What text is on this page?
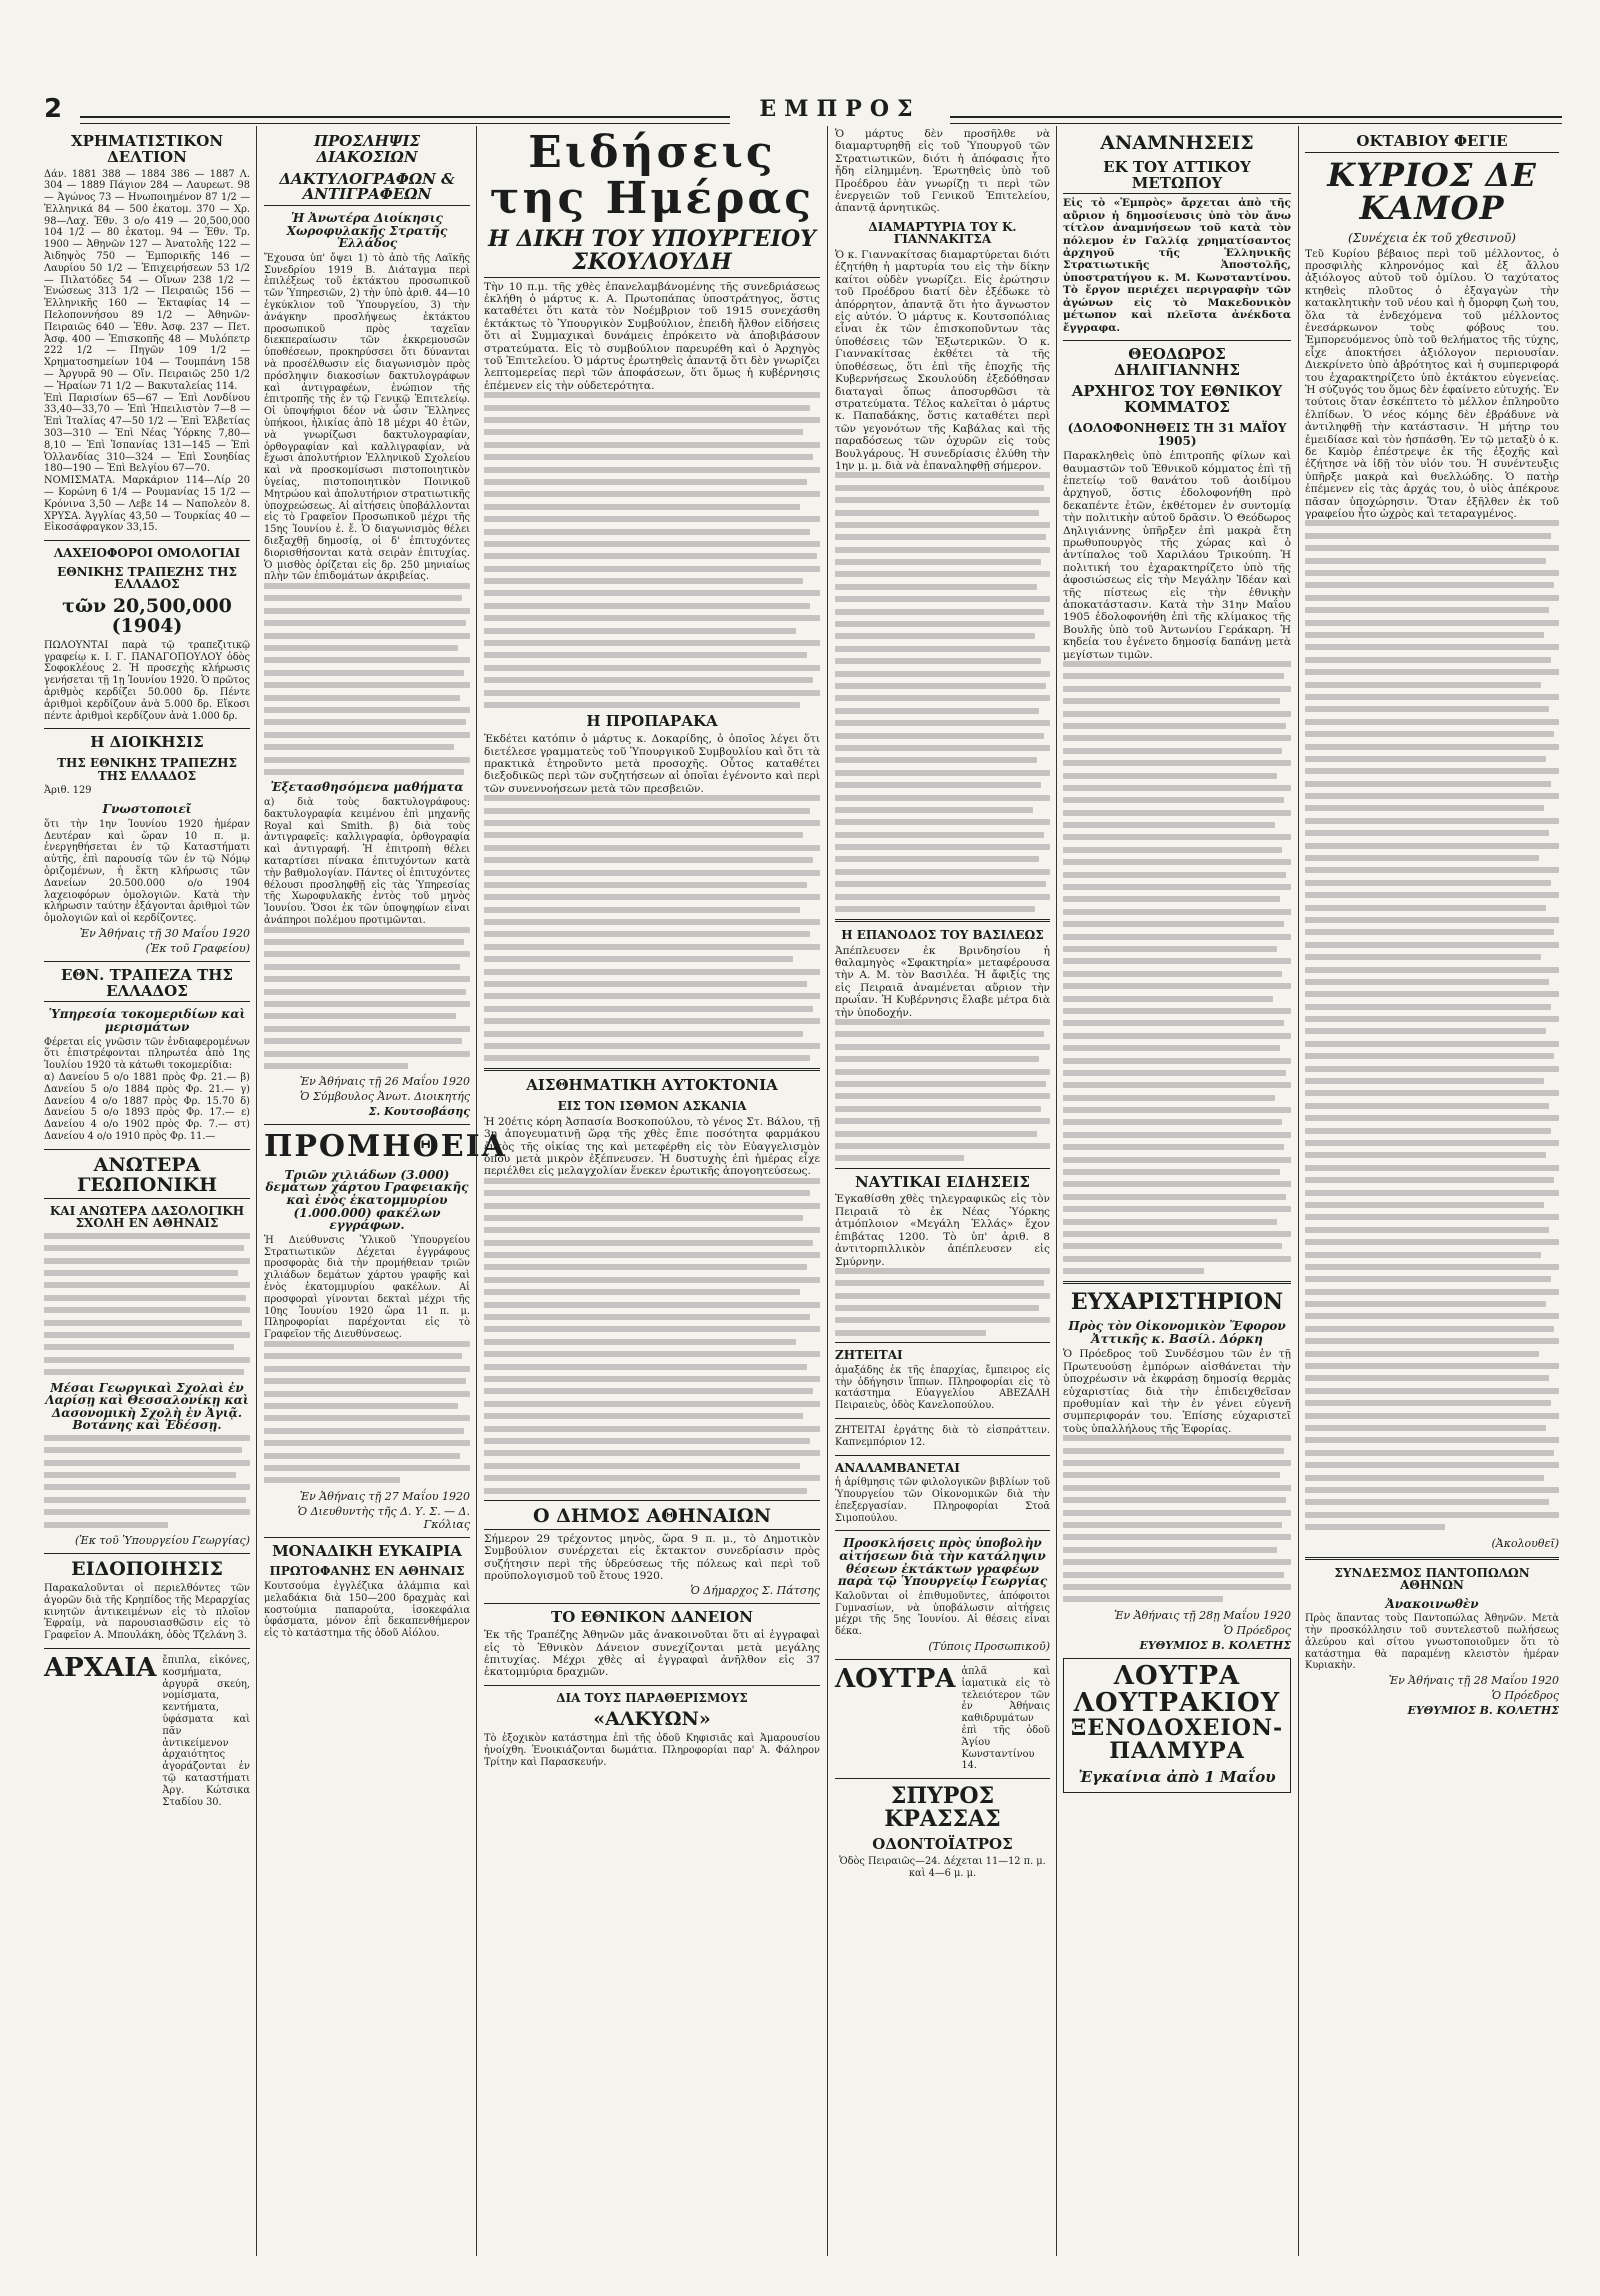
2	ΕΜΠΡΟΣ
ΧΡΗΜΑΤΙΣΤΙΚΟΝ ΔΕΛΤΙΟΝ

Δάν. 1881 388 — 1884 386 — 1887 Λ. 304 — 1889 Πάγιον 284 — Λαυρεωτ. 98— Ἀγώνος 73 — Ηνωποιημένον 87 1/2 — Ἑλληνικά 84 — 500 ἑκατομ. 370 — Χρ. 98—Λαχ. Ἐθν. 3 ο/ο 419 — 20,500,000 104 1/2 — 80 ἑκατομ. 94 — Ἐθν. Τρ. 1900 — Ἀθηνῶν 127 — Ἀνατολῆς 122 — Ἀιδηψὸς 750 — Ἐμπορικῆς 146 — Λαυρίου 50 1/2 — Ἐπιχειρήσεων 53 1/2 — Πιλατόδες 54 — Οἴνων 238 1/2 — Ἐνώσεως 313 1/2 — Πειραιῶς 156 — Ἑλληνικῆς 160 — Ἐκταφίας 14 — Πελοποννήσου 89 1/2 — Ἀθηνῶν-Πειραιῶς 640 — Ἐθν. Ἀσφ. 237 — Πετ. Ἀσφ. 400 — Ἐπισκοπῆς 48 — Μυλόπετρ 222 1/2 — Πηγῶν 109 1/2 — Χρηματοσημείων 104 — Τουμπάνη 158 — Ἀργυρᾶ 90 — Οἴν. Πειραιῶς 250 1/2 — Ἠραίων 71 1/2 — Βακυταλείας 114.

Ἐπὶ Παρισίων 65—67 — Ἐπὶ Λονδίνου 33,40—33,70 — Ἐπὶ Ἠπειλιστὸν 7—8 — Ἐπὶ Ἰταλίας 47—50 1/2 — Ἐπὶ Ἑλβετίας 303—310 — Ἐπὶ Νέας Ὑόρκης 7,80—8,10 — Ἐπὶ Ἰσπανίας 131—145 — Ἐπὶ Ὁλλανδίας 310—324 — Ἐπὶ Σουηδίας 180—190 — Ἐπὶ Βελγίου 67—70.

ΝΟΜΙΣΜΑΤΑ. Μαρκάριον 114—Λίρ 20 — Κορώνη 6 1/4 — Ρουμανίας 15 1/2 — Κρόνινα 3,50 — Λεβε 14 — Ναπολεὸν 8. ΧΡΥΣΑ. Ἀγγλίας 43,50 — Τουρκίας 40 — Εἰκοσάφραγκον 33,15.

ΛΑΧΕΙΟΦΟΡΟΙ ΟΜΟΛΟΓΙΑΙ
ΕΘΝΙΚΗΣ ΤΡΑΠΕΖΗΣ ΤΗΣ ΕΛΛΑΔΟΣ
τῶν 20,500,000 (1904)

ΠΩΛΟΥΝΤΑΙ παρὰ τῷ τραπεζιτικῷ γραφείῳ κ. Ι. Γ. ΠΑΝΑΓΟΠΟΥΛΟΥ ὁδὸς Σοφοκλέους 2. Ἡ προσεχὴς κλήρωσις γενήσεται τῇ 1ῃ Ἰουνίου 1920. Ὁ πρῶτος ἀριθμὸς κερδίζει 50.000 δρ. Πέντε ἀριθμοὶ κερδίζουν ἀνὰ 5.000 δρ. Εἴκοσι πέντε ἀριθμοὶ κερδίζουν ἀνὰ 1.000 δρ.

Η ΔΙΟΙΚΗΣΙΣ
ΤΗΣ ΕΘΝΙΚΗΣ ΤΡΑΠΕΖΗΣ ΤΗΣ ΕΛΛΑΔΟΣ
Ἀριθ. 129
Γνωστοποιεῖ

ὅτι τὴν 1ην Ἰουνίου 1920 ἡμέραν Δευτέραν καὶ ὥραν 10 π. μ. ἐνεργηθήσεται ἐν τῷ Καταστήματι αὐτῆς, ἐπὶ παρουσίᾳ τῶν ἐν τῷ Νόμῳ ὁριζομένων, ἡ ἕκτη κλήρωσις τῶν Δανείων 20.500.000 ο/ο 1904 λαχειοφόρων ὁμολογιῶν. Κατὰ τὴν κλήρωσιν ταύτην ἐξάγονται ἀριθμοὶ τῶν ὁμολογιῶν καὶ οἱ κερδίζοντες.

Ἐν Ἀθήναις τῇ 30 Μαΐου 1920
(Ἐκ τοῦ Γραφείου)
ΕΘΝ. ΤΡΑΠΕΖΑ ΤΗΣ ΕΛΛΑΔΟΣ
Ὑπηρεσία τοκομεριδίων καὶ μερισμάτων

Φέρεται εἰς γνῶσιν τῶν ἐνδιαφερομένων ὅτι ἐπιστρέφονται πληρωτέα ἀπὸ 1ης Ἰουλίου 1920 τὰ κάτωθι τοκομερίδια:

α) Δανείου 5 ο/ο 1881 πρὸς Φρ. 21.— β) Δανείου 5 ο/ο 1884 πρὸς Φρ. 21.— γ) Δανείου 4 ο/ο 1887 πρὸς Φρ. 15.70 δ) Δανείου 5 ο/ο 1893 πρὸς Φρ. 17.— ε) Δανείου 4 ο/ο 1902 πρὸς Φρ. 7.— στ) Δανείου 4 ο/ο 1910 πρὸς Φρ. 11.—

ΑΝΩΤΕΡΑ ΓΕΩΠΟΝΙΚΗ
ΚΑΙ ΑΝΩΤΕΡΑ ΔΑΣΟΛΟΓΙΚΗ ΣΧΟΛΗ ΕΝ ΑΘΗΝΑΙΣ
Μέσαι Γεωργικαὶ Σχολαὶ ἐν Λαρίσῃ καὶ Θεσσαλονίκῃ καὶ Δασονομικὴ Σχολὴ ἐν Ἀγιᾷ. Βοτάνης καὶ Ἐδέσσῃ.
(Ἐκ τοῦ Ὑπουργείου Γεωργίας)
ΕΙΔΟΠΟΙΗΣΙΣ

Παρακαλοῦνται οἱ περιελθόντες τῶν ἀγορῶν διὰ τῆς Κρηπίδος τῆς Μεραρχίας κινητῶν ἀντικειμένων εἰς τὸ πλοῖον Ἐφραίμ, νὰ παρουσιασθῶσιν εἰς τὸ Γραφεῖον Α. Μπουλάκη, ὁδὸς Τζελάνη 3.

ΑΡΧΑΙΑ ἔπιπλα, εἰκόνες, κοσμήματα, ἀργυρᾶ σκεύη, νομίσματα, κεντήματα, ὑφάσματα καὶ πᾶν ἀντικείμενον ἀρχαιότητος ἀγοράζονται ἐν τῷ καταστήματι Ἀργ. Κώτσικα Σταδίου 30.

ΠΡΟΣΛΗΨΙΣ ΔΙΑΚΟΣΙΩΝ
ΔΑΚΤΥΛΟΓΡΑΦΩΝ & ΑΝΤΙΓΡΑΦΕΩΝ
Ἡ Ἀνωτέρα Διοίκησις Χωροφυλακῆς Στρατῆς Ἑλλάδος

Ἔχουσα ὑπ' ὄψει 1) τὸ ἀπὸ τῆς Λαϊκῆς Συνεδρίου 1919 Β. Διάταγμα περὶ ἐπιλέξεως τοῦ ἐκτάκτου προσωπικοῦ τῶν Ὑπηρεσιῶν, 2) τὴν ὑπὸ ἀριθ. 44—10 ἐγκύκλιον τοῦ Ὑπουργείου, 3) τὴν ἀνάγκην προσλήψεως ἐκτάκτου προσωπικοῦ πρὸς ταχεῖαν διεκπεραίωσιν τῶν ἐκκρεμουσῶν ὑποθέσεων, προκηρύσσει ὅτι δύνανται νὰ προσέλθωσιν εἰς διαγωνισμὸν πρὸς πρόσληψιν διακοσίων δακτυλογράφων καὶ ἀντιγραφέων, ἐνώπιον τῆς ἐπιτροπῆς τῆς ἐν τῷ Γενικῷ Ἐπιτελείῳ. Οἱ ὑποψήφιοι δέον νὰ ὦσιν Ἕλληνες ὑπήκοοι, ἡλικίας ἀπὸ 18 μέχρι 40 ἐτῶν, νὰ γνωρίζωσι δακτυλογραφίαν, ὀρθογραφίαν καὶ καλλιγραφίαν, νὰ ἔχωσι ἀπολυτήριον Ἑλληνικοῦ Σχολείου καὶ νὰ προσκομίσωσι πιστοποιητικὸν ὑγείας, πιστοποιητικὸν Ποινικοῦ Μητρώου καὶ ἀπολυτήριον στρατιωτικῆς ὑποχρεώσεως. Αἱ αἰτήσεις ὑποβάλλονται εἰς τὸ Γραφεῖον Προσωπικοῦ μέχρι τῆς 15ης Ἰουνίου ἐ. ἔ. Ὁ διαγωνισμὸς θέλει διεξαχθῇ δημοσίᾳ, οἱ δ' ἐπιτυχόντες διορισθήσονται κατὰ σειρὰν ἐπιτυχίας. Ὁ μισθὸς ὁρίζεται εἰς δρ. 250 μηνιαίως πλὴν τῶν ἐπιδομάτων ἀκριβείας.

Ἐξετασθησόμενα μαθήματα

α) διὰ τοὺς δακτυλογράφους: δακτυλογραφία κειμένου ἐπὶ μηχανῆς Royal καὶ Smith. β) διὰ τοὺς ἀντιγραφεῖς: καλλιγραφία, ὀρθογραφία καὶ ἀντιγραφή. Ἡ ἐπιτροπὴ θέλει καταρτίσει πίνακα ἐπιτυχόντων κατὰ τὴν βαθμολογίαν. Πάντες οἱ ἐπιτυχόντες θέλουσι προσληφθῇ εἰς τὰς Ὑπηρεσίας τῆς Χωροφυλακῆς ἐντὸς τοῦ μηνὸς Ἰουνίου. Ὅσοι ἐκ τῶν ὑποψηφίων εἶναι ἀνάπηροι πολέμου προτιμῶνται.

Ἐν Ἀθήναις τῇ 26 Μαΐου 1920
Ὁ Σύμβουλος Ἀνωτ. Διοικητής
Σ. Κουτσοβάσης
ΠΡΟΜΗΘΕΙΑ
Τριῶν χιλιάδων (3.000) δεμάτων χάρτου Γραφειακῆς καὶ ἑνὸς ἑκατομμυρίου (1.000.000) φακέλων εγγράφων.

Ἡ Διεύθυνσις Ὑλικοῦ Ὑπουργείου Στρατιωτικῶν Δέχεται ἐγγράφους προσφορὰς διὰ τὴν προμήθειαν τριῶν χιλιάδων δεμάτων χάρτου γραφῆς καὶ ἑνὸς ἑκατομμυρίου φακέλων. Αἱ προσφοραὶ γίνονται δεκταὶ μέχρι τῆς 10ης Ἰουνίου 1920 ὥρα 11 π. μ. Πληροφορίαι παρέχονται εἰς τὸ Γραφεῖον τῆς Διευθύνσεως.

Ἐν Ἀθήναις τῇ 27 Μαΐου 1920
Ὁ Διευθυντὴς τῆς Δ. Υ. Σ. — Δ. Γκόλιας
ΜΟΝΑΔΙΚΗ ΕΥΚΑΙΡΙΑ
ΠΡΩΤΟΦΑΝΗΣ ΕΝ ΑΘΗΝΑΙΣ

Κουτσούμα ἐγγλέζικα ἀλάμπια καὶ μελαδάκια διὰ 150—200 δραχμὰς καὶ κοστούμια παπαρούτα, ἰσοκεφάλια ὑφάσματα, μόνον ἐπὶ δεκαπενθήμερον εἰς τὸ κατάστημα τῆς ὁδοῦ Αἰόλου.

Ειδήσεις της Ημέρας
Η ΔΙΚΗ ΤΟΥ ΥΠΟΥΡΓΕΙΟΥ ΣΚΟΥΛΟΥΔΗ

Τὴν 10 π.μ. τῆς χθὲς ἐπανελαμβάνομένης τῆς συνεδριάσεως ἐκλήθη ὁ μάρτυς κ. Α. Πρωτοπάπας ὑποστράτηγος, ὅστις καταθέτει ὅτι κατὰ τὸν Νοέμβριον τοῦ 1915 συνεχάσθη ἐκτάκτως τὸ Ὑπουργικὸν Συμβούλιον, ἐπειδὴ ἤλθον εἰδήσεις ὅτι αἱ Συμμαχικαὶ δυνάμεις ἐπρόκειτο νὰ ἀποβιβάσουν στρατεύματα. Εἰς τὸ συμβούλιον παρευρέθη καὶ ὁ Ἀρχηγὸς τοῦ Ἐπιτελείου. Ὁ μάρτυς ἐρωτηθεὶς ἀπαντᾷ ὅτι δὲν γνωρίζει λεπτομερείας περὶ τῶν ἀποφάσεων, ὅτι ὅμως ἡ κυβέρνησις ἐπέμενεν εἰς τὴν οὐδετερότητα.

Η ΠΡΟΠΑΡΑΚΑ

Ἐκδέτει κατόπιν ὁ μάρτυς κ. Δοκαρίδης, ὁ ὁποῖος λέγει ὅτι διετέλεσε γραμματεὺς τοῦ Ὑπουργικοῦ Συμβουλίου καὶ ὅτι τὰ πρακτικὰ ἐτηροῦντο μετὰ προσοχῆς. Οὗτος καταθέτει διεξοδικῶς περὶ τῶν συζητήσεων αἱ ὁποῖαι ἐγένοντο καὶ περὶ τῶν συνεννοήσεων μετὰ τῶν πρεσβειῶν.

ΑΙΣΘΗΜΑΤΙΚΗ ΑΥΤΟΚΤΟΝΙΑ
ΕΙΣ ΤΟΝ ΙΣΘΜΟΝ ΑΣΚΑΝΙΑ

Ἡ 20έτις κόρη Ἀσπασία Βοσκοπούλου, τὸ γένος Στ. Βάλου, τῇ 3ῃ ἀπογευματινῇ ὥρᾳ τῆς χθὲς ἔπιε ποσότητα φαρμάκου ἐντὸς τῆς οἰκίας της καὶ μετεφέρθη εἰς τὸν Εὐαγγελισμὸν ὅπου μετὰ μικρὸν ἐξέπνευσεν. Ἡ δυστυχὴς ἐπὶ ἡμέρας εἶχε περιέλθει εἰς μελαγχολίαν ἕνεκεν ἐρωτικῆς ἀπογοητεύσεως.

Ο ΔΗΜΟΣ ΑΘΗΝΑΙΩΝ

Σήμερον 29 τρέχοντος μηνὸς, ὥρα 9 π. μ., τὸ Δημοτικὸν Συμβούλιον συνέρχεται εἰς ἔκτακτον συνεδρίασιν πρὸς συζήτησιν περὶ τῆς ὑδρεύσεως τῆς πόλεως καὶ περὶ τοῦ προϋπολογισμοῦ τοῦ ἔτους 1920.

Ὁ Δήμαρχος Σ. Πάτσης
ΤΟ ΕΘΝΙΚΟΝ ΔΑΝΕΙΟΝ

Ἐκ τῆς Τραπέζης Ἀθηνῶν μᾶς ἀνακοινοῦται ὅτι αἱ ἐγγραφαὶ εἰς τὸ Ἐθνικὸν Δάνειον συνεχίζονται μετὰ μεγάλης ἐπιτυχίας. Μέχρι χθὲς αἱ ἐγγραφαὶ ἀνῆλθον εἰς 37 ἑκατομμύρια δραχμῶν.

ΔΙΑ ΤΟΥΣ ΠΑΡΑΘΕΡΙΣΜΟΥΣ
«ΑΛΚΥΩΝ»

Τὸ ἐξοχικὸν κατάστημα ἐπὶ τῆς ὁδοῦ Κηφισιᾶς καὶ Ἀμαρουσίου ἠνοίχθη. Ἐνοικιάζονται δωμάτια. Πληροφορίαι παρ' Ἀ. Φάληρον Τρίτην καὶ Παρασκευήν.

Ὁ μάρτυς δὲν προσῆλθε νὰ διαμαρτυρηθῇ εἰς τοῦ Ὑπουργοῦ τῶν Στρατιωτικῶν, διότι ἡ ἀπόφασις ἦτο ἤδη εἰλημμένη. Ἐρωτηθεὶς ὑπὸ τοῦ Προέδρου ἐὰν γνωρίζῃ τι περὶ τῶν ἐνεργειῶν τοῦ Γενικοῦ Ἐπιτελείου, ἀπαντᾷ ἀρνητικῶς.

ΔΙΑΜΑΡΤΥΡΙΑ ΤΟΥ Κ. ΓΙΑΝΝΑΚΙΤΣΑ

Ὁ κ. Γιαννακίτσας διαμαρτύρεται διότι ἐζητήθη ἡ μαρτυρία του εἰς τὴν δίκην καίτοι οὐδὲν γνωρίζει. Εἰς ἐρώτησιν τοῦ Προέδρου διατί δὲν ἐξέδωκε τὸ ἀπόρρητον, ἀπαντᾷ ὅτι ἡτο ἄγνωστον εἰς αὐτόν. Ὁ μάρτυς κ. Κουτσοπόλιας εἶναι ἐκ τῶν ἐπισκοποῦντων τὰς ὑποθέσεις τῶν Ἐξωτερικῶν. Ὁ κ. Γιαννακίτσας ἐκθέτει τὰ τῆς ὑποθέσεως, ὅτι ἐπὶ τῆς ἐποχῆς τῆς Κυβερνήσεως Σκουλούδη ἐξεδόθησαν διαταγαὶ ὅπως ἀποσυρθῶσι τὰ στρατεύματα. Τέλος καλεῖται ὁ μάρτυς κ. Παπαδάκης, ὅστις καταθέτει περὶ τῶν γεγονότων τῆς Καβάλας καὶ τῆς παραδόσεως τῶν ὀχυρῶν εἰς τοὺς Βουλγάρους. Ἡ συνεδρίασις ἐλύθη τὴν 1ην μ. μ. διὰ νὰ ἐπαναληφθῇ σήμερον.

Η ΕΠΑΝΟΔΟΣ ΤΟΥ ΒΑΣΙΛΕΩΣ

Ἀπέπλευσεν ἐκ Βρινδησίου ἡ θαλαμηγὸς «Σφακτηρία» μεταφέρουσα τὴν Α. Μ. τὸν Βασιλέα. Ἡ ἄφιξίς της εἰς Πειραιᾶ ἀναμένεται αὔριον τὴν πρωΐαν. Ἡ Κυβέρνησις ἔλαβε μέτρα διὰ τὴν ὑποδοχήν.

ΝΑΥΤΙΚΑΙ ΕΙΔΗΣΕΙΣ

Ἐγκαθίσθη χθὲς τηλεγραφικῶς εἰς τὸν Πειραιᾶ τὸ ἐκ Νέας Ὑόρκης ἀτμόπλοιον «Μεγάλη Ἑλλάς» ἔχον ἐπιβάτας 1200. Τὸ ὑπ' ἀριθ. 8 ἀντιτορπιλλικὸν ἀπέπλευσεν εἰς Σμύρνην.

ΖΗΤΕΙΤΑΙ

ἀμαξάδης ἐκ τῆς ἐπαρχίας, ἔμπειρος εἰς τὴν ὁδήγησιν ἵππων. Πληροφορίαι εἰς τὸ κατάστημα Εὐαγγελίου ΑΒΕΖΑΛΗ Πειραιεὺς, ὁδὸς Κανελοπούλου.

ΖΗΤΕΙΤΑΙ ἐργάτης διὰ τὸ εἰσπράττειν. Καπνεμπόριον 12.

ΑΝΑΛΑΜΒΑΝΕΤΑΙ

ἡ ἀρίθμησις τῶν φιλολογικῶν βιβλίων τοῦ Ὑπουργείου τῶν Οἰκονομικῶν διὰ τὴν ἐπεξεργασίαν. Πληροφορίαι Στοᾶ Σιμοπούλου.

Προσκλήσεις πρὸς ὑποβολὴν αἰτήσεων διὰ τὴν κατάληψιν θέσεων ἐκτάκτων γραφέων παρὰ τῷ Ὑπουργείῳ Γεωργίας

Καλοῦνται οἱ ἐπιθυμοῦντες, ἀπόφοιτοι Γυμνασίων, νὰ ὑποβάλωσιν αἰτήσεις μέχρι τῆς 5ης Ἰουνίου. Αἱ θέσεις εἶναι δέκα.

(Τύποις Προσωπικοῦ)
ΛΟΥΤΡΑ ἁπλᾶ καὶ ἰαματικὰ εἰς τὸ τελειότερον τῶν ἐν Ἀθήναις καθιδρυμάτων ἐπὶ τῆς ὁδοῦ Ἁγίου Κωνσταντίνου 14.

ΣΠΥΡΟΣ ΚΡΑΣΣΑΣ
ΟΔΟΝΤΟΪΑΤΡΟΣ

Ὁδὸς Πειραιῶς—24. Δέχεται 11—12 π. μ. καὶ 4—6 μ. μ.

ΑΝΑΜΝΗΣΕΙΣ
ΕΚ ΤΟΥ ΑΤΤΙΚΟΥ ΜΕΤΩΠΟΥ

Εἰς τὸ «Ἐμπρὸς» ἄρχεται ἀπὸ τῆς αὔριον ἡ δημοσίευσις ὑπὸ τὸν ἄνω τίτλον ἀναμνήσεων τοῦ κατὰ τὸν πόλεμον ἐν Γαλλίᾳ χρηματίσαντος ἀρχηγοῦ τῆς Ἑλληνικῆς Στρατιωτικῆς Ἀποστολῆς, ὑποστρατήγου κ. Μ. Κωνσταντίνου. Τὸ ἔργον περιέχει περιγραφὴν τῶν ἀγώνων εἰς τὸ Μακεδονικὸν μέτωπον καὶ πλεῖστα ἀνέκδοτα ἔγγραφα.

ΘΕΟΔΩΡΟΣ ΔΗΛΙΓΙΑΝΝΗΣ
ΑΡΧΗΓΟΣ ΤΟΥ ΕΘΝΙΚΟΥ ΚΟΜΜΑΤΟΣ
(ΔΟΛΟΦΟΝΗΘΕΙΣ ΤΗ 31 ΜΑΪΟΥ 1905)

Παρακληθεὶς ὑπὸ ἐπιτροπῆς φίλων καὶ θαυμαστῶν τοῦ Ἐθνικοῦ κόμματος ἐπὶ τῇ ἐπετείῳ τοῦ θανάτου τοῦ ἀοιδίμου ἀρχηγοῦ, ὅστις ἐδολοφονήθη πρὸ δεκαπέντε ἐτῶν, ἐκθέτομεν ἐν συντομίᾳ τὴν πολιτικὴν αὐτοῦ δρᾶσιν. Ὁ Θεόδωρος Δηλιγιάννης ὑπῆρξεν ἐπὶ μακρὰ ἔτη πρωθυπουργὸς τῆς χώρας καὶ ὁ ἀντίπαλος τοῦ Χαριλάου Τρικούπη. Ἡ πολιτική του ἐχαρακτηρίζετο ὑπὸ τῆς ἀφοσιώσεως εἰς τὴν Μεγάλην Ἰδέαν καὶ τῆς πίστεως εἰς τὴν ἐθνικὴν ἀποκατάστασιν. Κατὰ τὴν 31ην Μαΐου 1905 ἐδολοφονήθη ἐπὶ τῆς κλίμακος τῆς Βουλῆς ὑπὸ τοῦ Ἀντωνίου Γεράκαρη. Ἡ κηδεία του ἐγένετο δημοσίᾳ δαπάνῃ μετὰ μεγίστων τιμῶν.

ΕΥΧΑΡΙΣΤΗΡΙΟΝ
Πρὸς τὸν Οἰκονομικὸν Ἔφορον Ἀττικῆς κ. Βασίλ. Δόρκη

Ὁ Πρόεδρος τοῦ Συνδέσμου τῶν ἐν τῇ Πρωτευούσῃ ἐμπόρων αἰσθάνεται τὴν ὑποχρέωσιν νὰ ἐκφράσῃ δημοσίᾳ θερμὰς εὐχαριστίας διὰ τὴν ἐπιδειχθεῖσαν προθυμίαν καὶ τὴν ἐν γένει εὐγενῆ συμπεριφοράν του. Ἐπίσης εὐχαριστεῖ τοὺς ὑπαλλήλους τῆς Ἐφορίας.

Ἐν Ἀθήναις τῇ 28ῃ Μαΐου 1920
Ὁ Πρόεδρος
ΕΥΘΥΜΙΟΣ Β. ΚΟΛΕΤΗΣ
ΛΟΥΤΡΑ ΛΟΥΤΡΑΚΙΟΥ
ΞΕΝΟΔΟΧΕΙΟΝ-ΠΑΛΜΥΡΑ
Ἐγκαίνια ἀπὸ 1 Μαΐου
ΟΚΤΑΒΙΟΥ ΦΕΓΙΕ
ΚΥΡΙΟΣ ΔΕ ΚΑΜΟΡ
(Συνέχεια ἐκ τοῦ χθεσινοῦ)

Τεῦ Κυρίου βέβαιος περὶ τοῦ μέλλοντος, ὁ προσφιλὴς κληρονόμος καὶ ἐξ ἄλλου ἀξιόλογος αὐτοῦ τοῦ ὁμίλου. Ὁ ταχύτατος κτηθεὶς πλοῦτος ὁ ἐξαγαγὼν τὴν κατακλητικὴν τοῦ νέου καὶ ἡ ὄμορφη ζωὴ του, ὅλα τὰ ἐνδεχόμενα τοῦ μέλλοντος ἐνεσάρκωνον τοὺς φόβους του. Ἐμπορευόμενος ὑπὸ τοῦ θελήματος τῆς τύχης, εἶχε ἀποκτήσει ἀξιόλογον περιουσίαν. Διεκρίνετο ὑπὸ ἀβρότητος καὶ ἡ συμπεριφορά του ἐχαρακτηρίζετο ὑπὸ ἐκτάκτου εὐγενείας. Ἡ σύζυγός του ὅμως δὲν ἐφαίνετο εὐτυχής. Ἐν τούτοις ὅταν ἐσκέπτετο τὸ μέλλον ἐπληροῦτο ἐλπίδων. Ὁ νέος κόμης δὲν ἐβράδυνε νὰ ἀντιληφθῇ τὴν κατάστασιν. Ἡ μήτηρ του ἐμειδίασε καὶ τὸν ἠσπάσθη. Ἐν τῷ μεταξὺ ὁ κ. δε Καμὸρ ἐπέστρεψε ἐκ τῆς ἐξοχῆς καὶ ἐζήτησε νὰ ἰδῇ τὸν υἱόν του. Ἡ συνέντευξις ὑπῆρξε μακρὰ καὶ θυελλώδης. Ὁ πατὴρ ἐπέμενεν εἰς τὰς ἀρχάς του, ὁ υἱὸς ἀπέκρουε πᾶσαν ὑποχώρησιν. Ὅταν ἐξῆλθεν ἐκ τοῦ γραφείου ἦτο ὠχρὸς καὶ τεταραγμένος.

(Ἀκολουθεῖ)
ΣΥΝΔΕΣΜΟΣ ΠΑΝΤΟΠΩΛΩΝ ΑΘΗΝΩΝ
Ἀνακοινωθὲν

Πρὸς ἅπαντας τοὺς Παντοπώλας Ἀθηνῶν. Μετὰ τὴν προσκόλλησιν τοῦ συντελεστοῦ πωλήσεως ἀλεύρου καὶ σίτου γνωστοποιοῦμεν ὅτι τὸ κατάστημα θὰ παραμένῃ κλειστὸν ἡμέραν Κυριακὴν.

Ἐν Ἀθήναις τῇ 28 Μαΐου 1920
Ὁ Πρόεδρος
ΕΥΘΥΜΙΟΣ Β. ΚΟΛΕΤΗΣ
